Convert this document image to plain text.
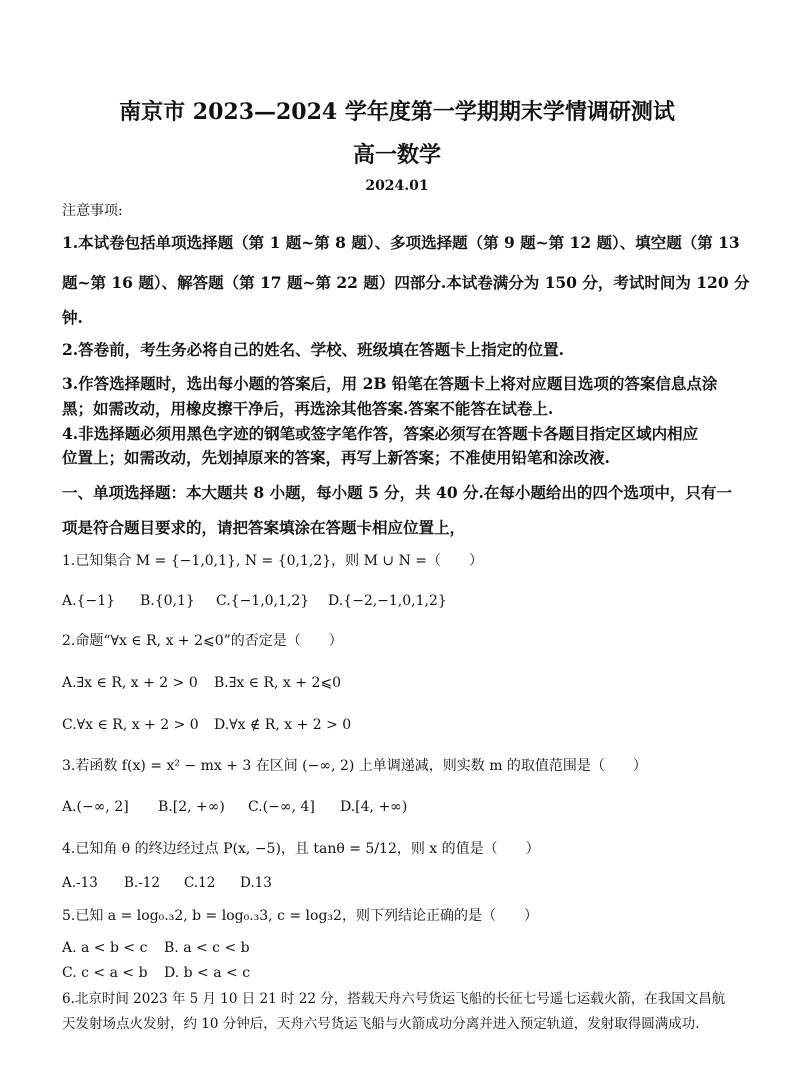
南京市 2023—2024 学年度第一学期期末学情调研测试
高一数学
2024.01
注意事项:
1.本试卷包括单项选择题（第 1 题~第 8 题）、多项选择题（第 9 题~第 12 题）、填空题（第 13
题~第 16 题）、解答题（第 17 题~第 22 题）四部分.本试卷满分为 150 分，考试时间为 120 分
钟.
2.答卷前，考生务必将自己的姓名、学校、班级填在答题卡上指定的位置.
3.作答选择题时，选出每小题的答案后，用 2B 铅笔在答题卡上将对应题目选项的答案信息点涂
黑；如需改动，用橡皮擦干净后，再选涂其他答案.答案不能答在试卷上.
4.非选择题必须用黑色字迹的钢笔或签字笔作答，答案必须写在答题卡各题目指定区域内相应
位置上；如需改动，先划掉原来的答案，再写上新答案；不准使用铅笔和涂改液.
一、单项选择题：本大题共 8 小题，每小题 5 分，共 40 分.在每小题给出的四个选项中，只有一
项是符合题目要求的，请把答案填涂在答题卡相应位置上，
1.已知集合 M = {−1,0,1}, N = {0,1,2}，则 M ∪ N =（　　）
A.{−1} B.{0,1} C.{−1,0,1,2} D.{−2,−1,0,1,2}
2.命题“∀x ∈ R, x + 2⩽0”的否定是（　　）
A.∃x ∈ R, x + 2 > 0 B.∃x ∈ R, x + 2⩽0
C.∀x ∈ R, x + 2 > 0 D.∀x ∉ R, x + 2 > 0
3.若函数 f(x) = x² − mx + 3 在区间 (−∞, 2) 上单调递减，则实数 m 的取值范围是（　　）
A.(−∞, 2] B.[2, +∞) C.(−∞, 4] D.[4, +∞)
4.已知角 θ 的终边经过点 P(x, −5)，且 tanθ = 5/12，则 x 的值是（　　）
A.-13 B.-12 C.12 D.13
5.已知 a = log₀.₃2, b = log₀.₃3, c = log₃2，则下列结论正确的是（　　）
A. a < b < c B. a < c < b
C. c < a < b D. b < a < c
6.北京时间 2023 年 5 月 10 日 21 时 22 分，搭载天舟六号货运飞船的长征七号遥七运载火箭，在我国文昌航
天发射场点火发射，约 10 分钟后，天舟六号货运飞船与火箭成功分离并进入预定轨道，发射取得圆满成功.
